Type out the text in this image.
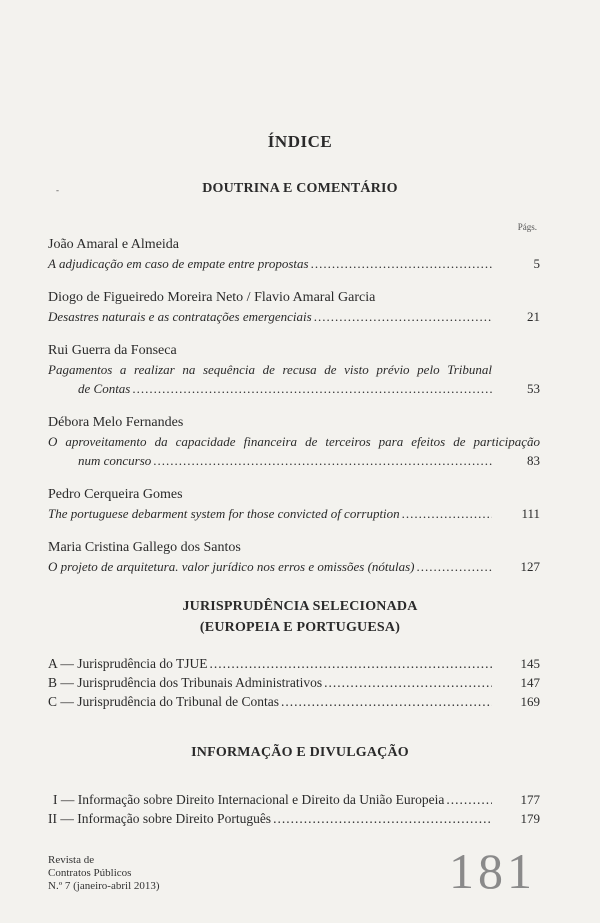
ÍNDICE
DOUTRINA E COMENTÁRIO
-
Págs.
João Amaral e Almeida
A adjudicação em caso de empate entre propostas .....	5
Diogo de Figueiredo Moreira Neto / Flavio Amaral Garcia
Desastres naturais e as contratações emergenciais .....	21
Rui Guerra da Fonseca
Pagamentos a realizar na sequência de recusa de visto prévio pelo Tribunal
de Contas .....	53
Débora Melo Fernandes
O aproveitamento da capacidade financeira de terceiros para efeitos de participação
num concurso .....	83
Pedro Cerqueira Gomes
The portuguese debarment system for those convicted of corruption .....	111
Maria Cristina Gallego dos Santos
O projeto de arquitetura. valor jurídico nos erros e omissões (nótulas) .....	127
JURISPRUDÊNCIA SELECIONADA
(EUROPEIA E PORTUGUESA)
A — Jurisprudência do TJUE .....	145
B — Jurisprudência dos Tribunais Administrativos .....	147
C — Jurisprudência do Tribunal de Contas .....	169
INFORMAÇÃO E DIVULGAÇÃO
I — Informação sobre Direito Internacional e Direito da União Europeia .....	177
II — Informação sobre Direito Português .....	179
Revista de
Contratos Públicos
N.º 7 (janeiro-abril 2013)	181
